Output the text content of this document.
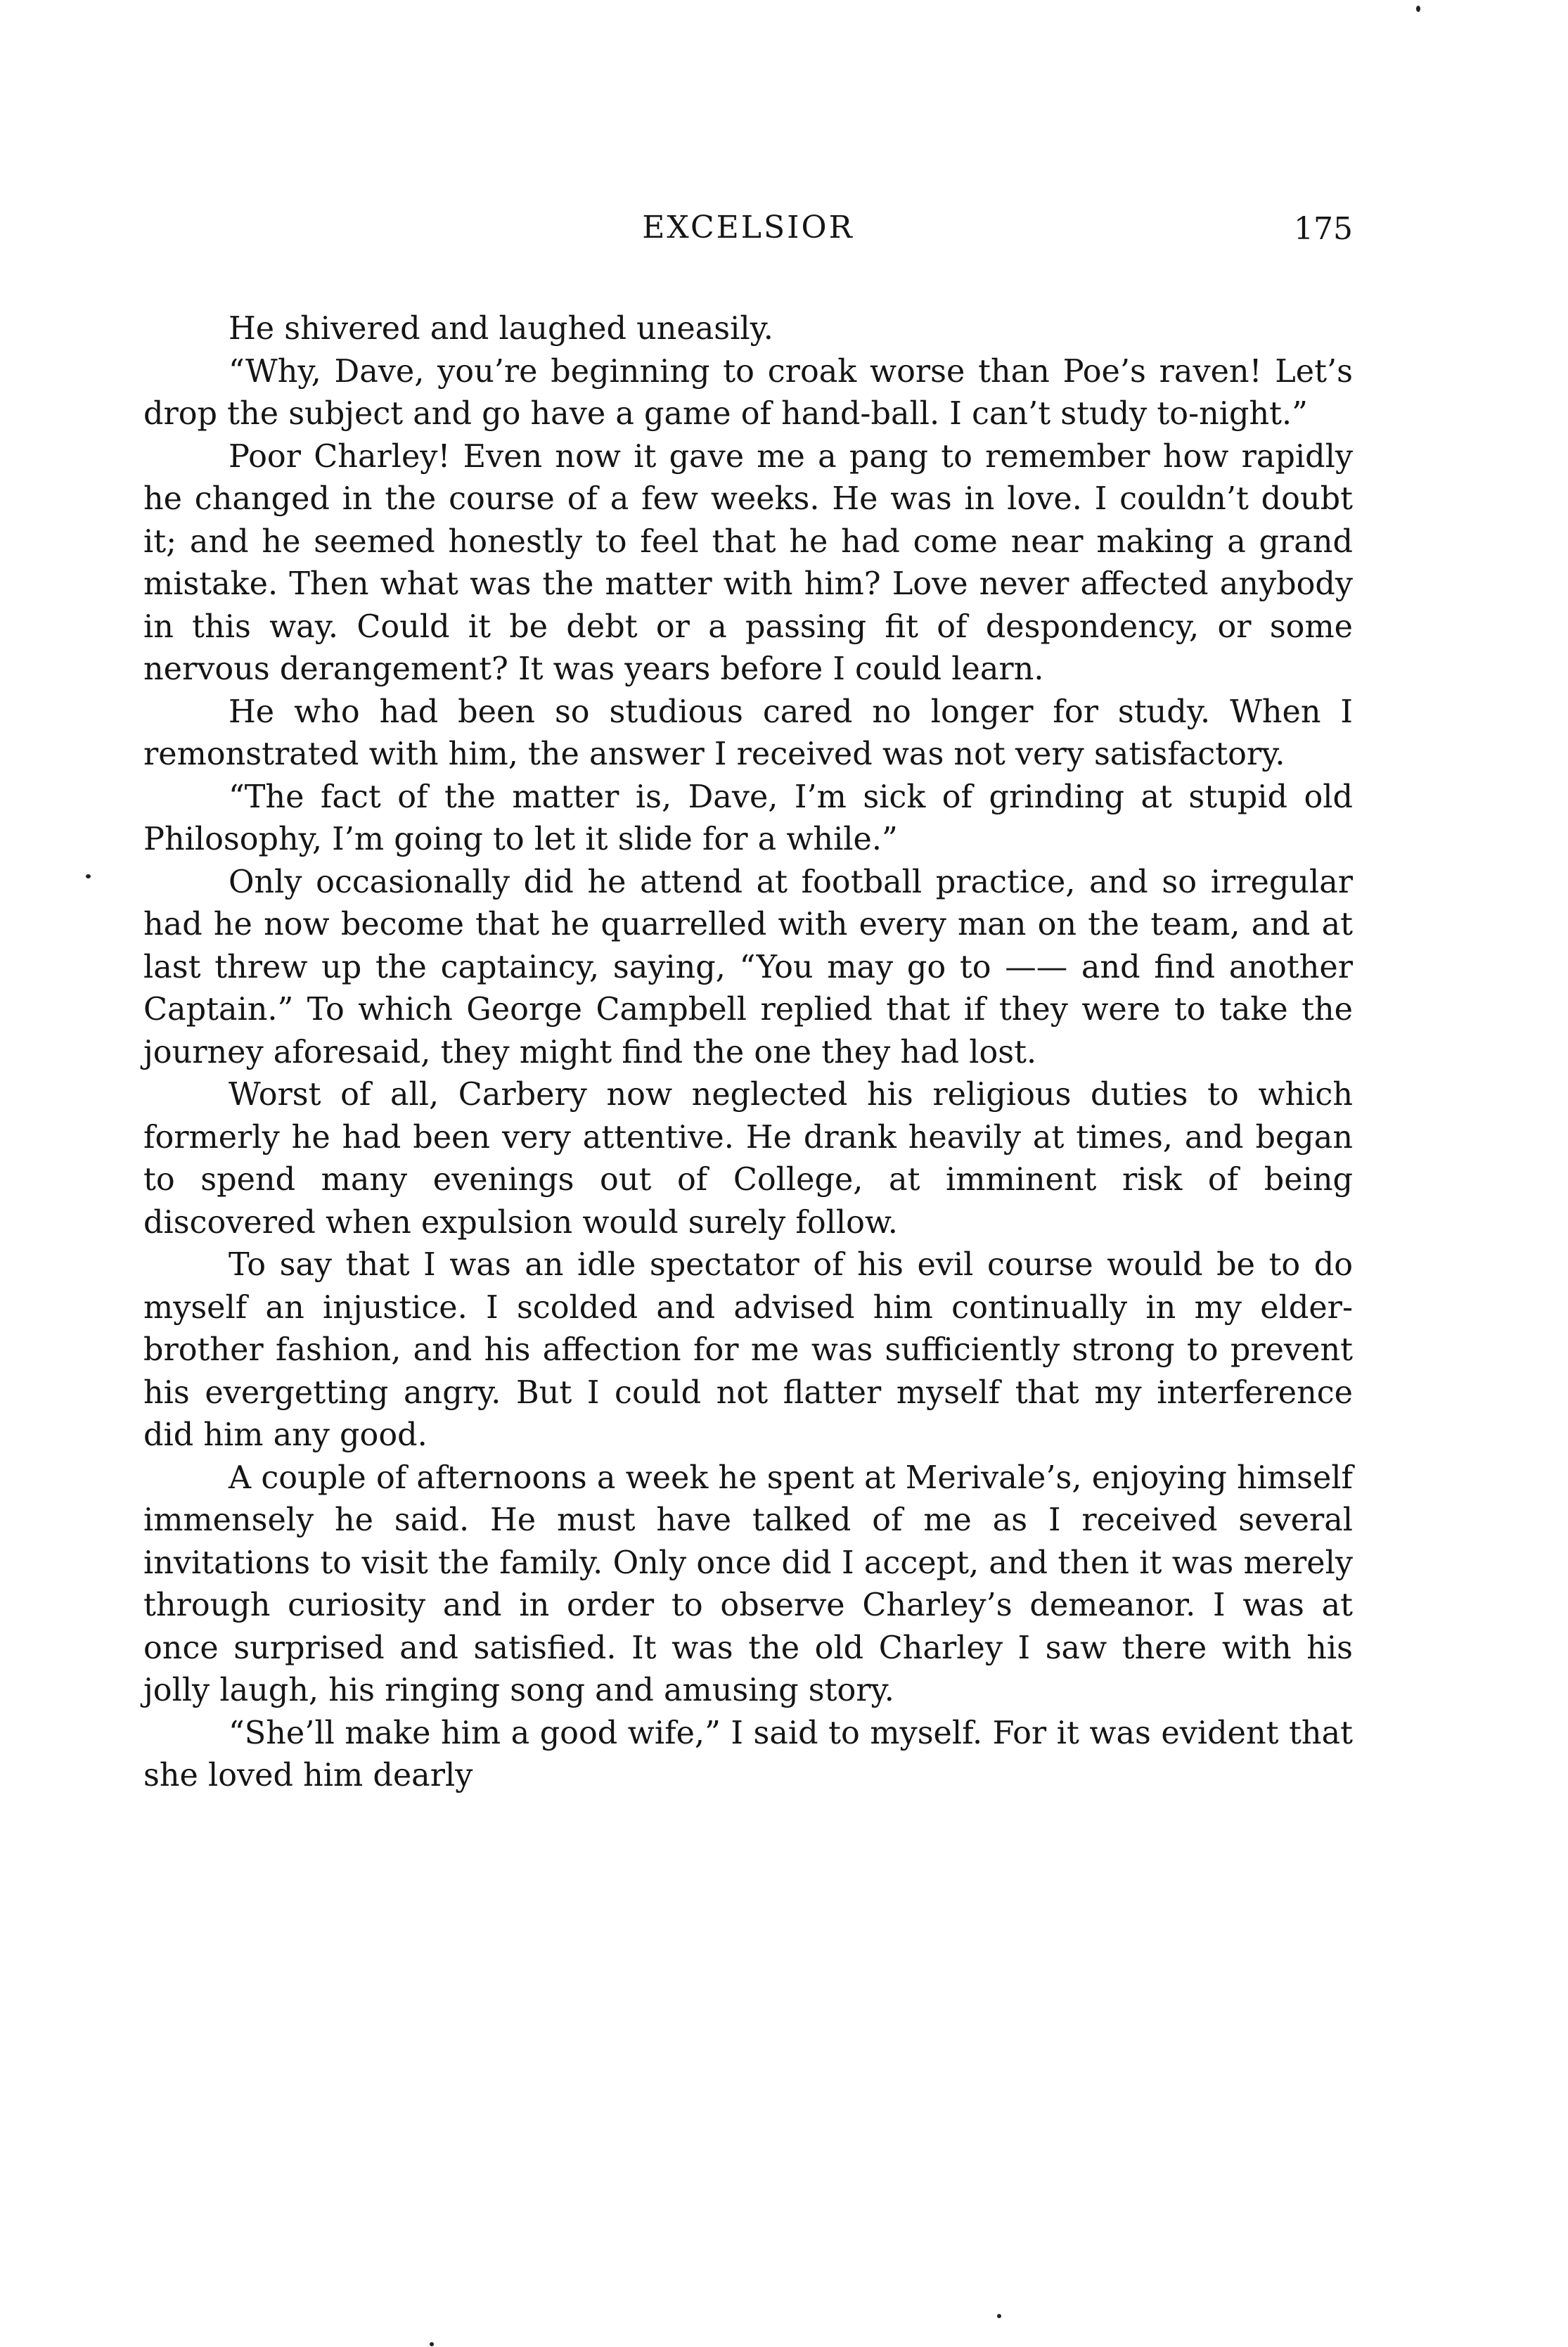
EXCELSIOR	175

He shivered and laughed uneasily.

“Why, Dave, you’re beginning to croak worse than Poe’s raven! Let’s drop the subject and go have a game of hand-ball. I can’t study to-night.”

Poor Charley! Even now it gave me a pang to remember how rapidly he changed in the course of a few weeks. He was in love. I couldn’t doubt it; and he seemed honestly to feel that he had come near making a grand mistake. Then what was the matter with him? Love never affected anybody in this way. Could it be debt or a passing fit of despondency, or some nervous derangement? It was years before I could learn.

He who had been so studious cared no longer for study. When I remonstrated with him, the answer I received was not very satisfactory.

“The fact of the matter is, Dave, I’m sick of grinding at stupid old Philosophy, I’m going to let it slide for a while.”

Only occasionally did he attend at football practice, and so irregular had he now become that he quarrelled with every man on the team, and at last threw up the captaincy, saying, “You may go to —— and find another Captain.” To which George Campbell replied that if they were to take the journey aforesaid, they might find the one they had lost.

Worst of all, Carbery now neglected his religious duties to which formerly he had been very attentive. He drank heavily at times, and began to spend many evenings out of College, at imminent risk of being discovered when expulsion would surely follow.

To say that I was an idle spectator of his evil course would be to do myself an injustice. I scolded and advised him continually in my elder-brother fashion, and his affection for me was sufficiently strong to prevent his evergetting angry. But I could not flatter myself that my interference did him any good.

A couple of afternoons a week he spent at Merivale’s, enjoying himself immensely he said. He must have talked of me as I received several invitations to visit the family. Only once did I accept, and then it was merely through curiosity and in order to observe Charley’s demeanor. I was at once surprised and satisfied. It was the old Charley I saw there with his jolly laugh, his ringing song and amusing story.

“She’ll make him a good wife,” I said to myself. For it was evident that she loved him dearly
